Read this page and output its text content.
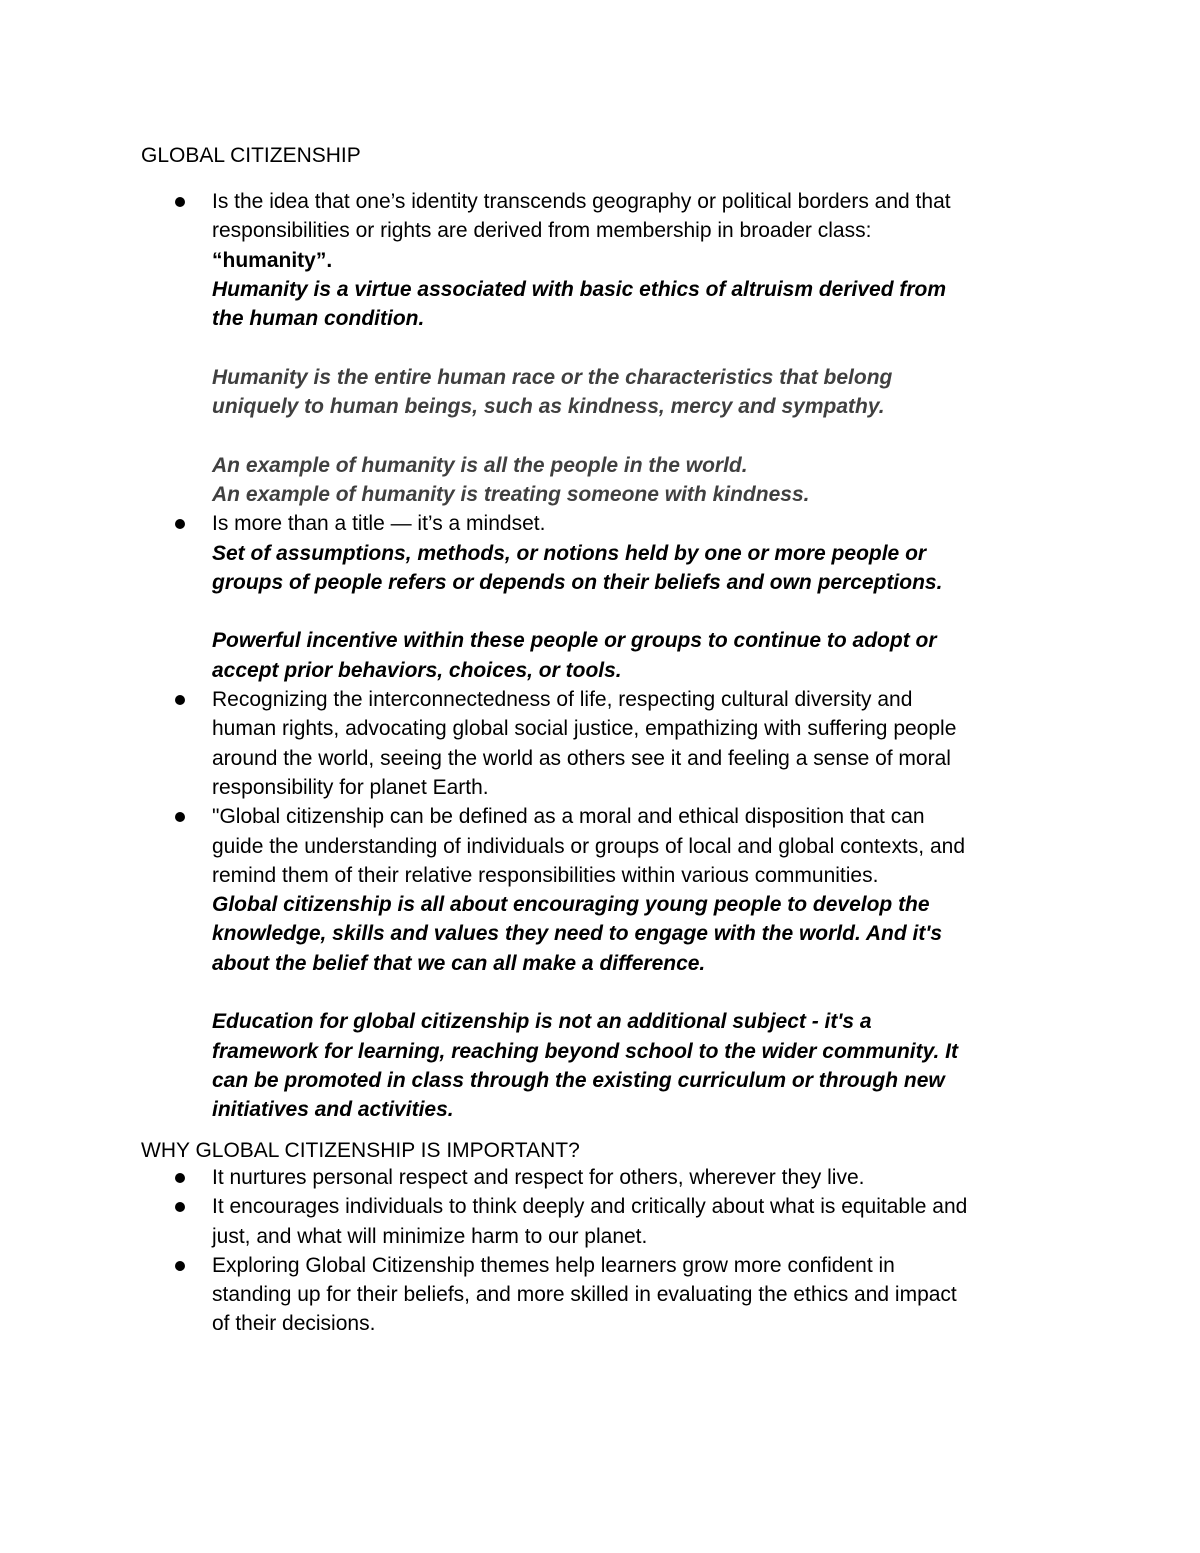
GLOBAL CITIZENSHIP
Is the idea that one’s identity transcends geography or political borders and that
responsibilities or rights are derived from membership in broader class:
“humanity”.
Humanity is a virtue associated with basic ethics of altruism derived from
the human condition.
Humanity is the entire human race or the characteristics that belong
uniquely to human beings, such as kindness, mercy and sympathy.
An example of humanity is all the people in the world.
An example of humanity is treating someone with kindness.
Is more than a title — it’s a mindset.
Set of assumptions, methods, or notions held by one or more people or
groups of people refers or depends on their beliefs and own perceptions.
Powerful incentive within these people or groups to continue to adopt or
accept prior behaviors, choices, or tools.
Recognizing the interconnectedness of life, respecting cultural diversity and
human rights, advocating global social justice, empathizing with suffering people
around the world, seeing the world as others see it and feeling a sense of moral
responsibility for planet Earth.
"Global citizenship can be defined as a moral and ethical disposition that can
guide the understanding of individuals or groups of local and global contexts, and
remind them of their relative responsibilities within various communities.
Global citizenship is all about encouraging young people to develop the
knowledge, skills and values they need to engage with the world. And it's
about the belief that we can all make a difference.
Education for global citizenship is not an additional subject - it's a
framework for learning, reaching beyond school to the wider community. It
can be promoted in class through the existing curriculum or through new
initiatives and activities.
WHY GLOBAL CITIZENSHIP IS IMPORTANT?
It nurtures personal respect and respect for others, wherever they live.
It encourages individuals to think deeply and critically about what is equitable and
just, and what will minimize harm to our planet.
Exploring Global Citizenship themes help learners grow more confident in
standing up for their beliefs, and more skilled in evaluating the ethics and impact
of their decisions.
